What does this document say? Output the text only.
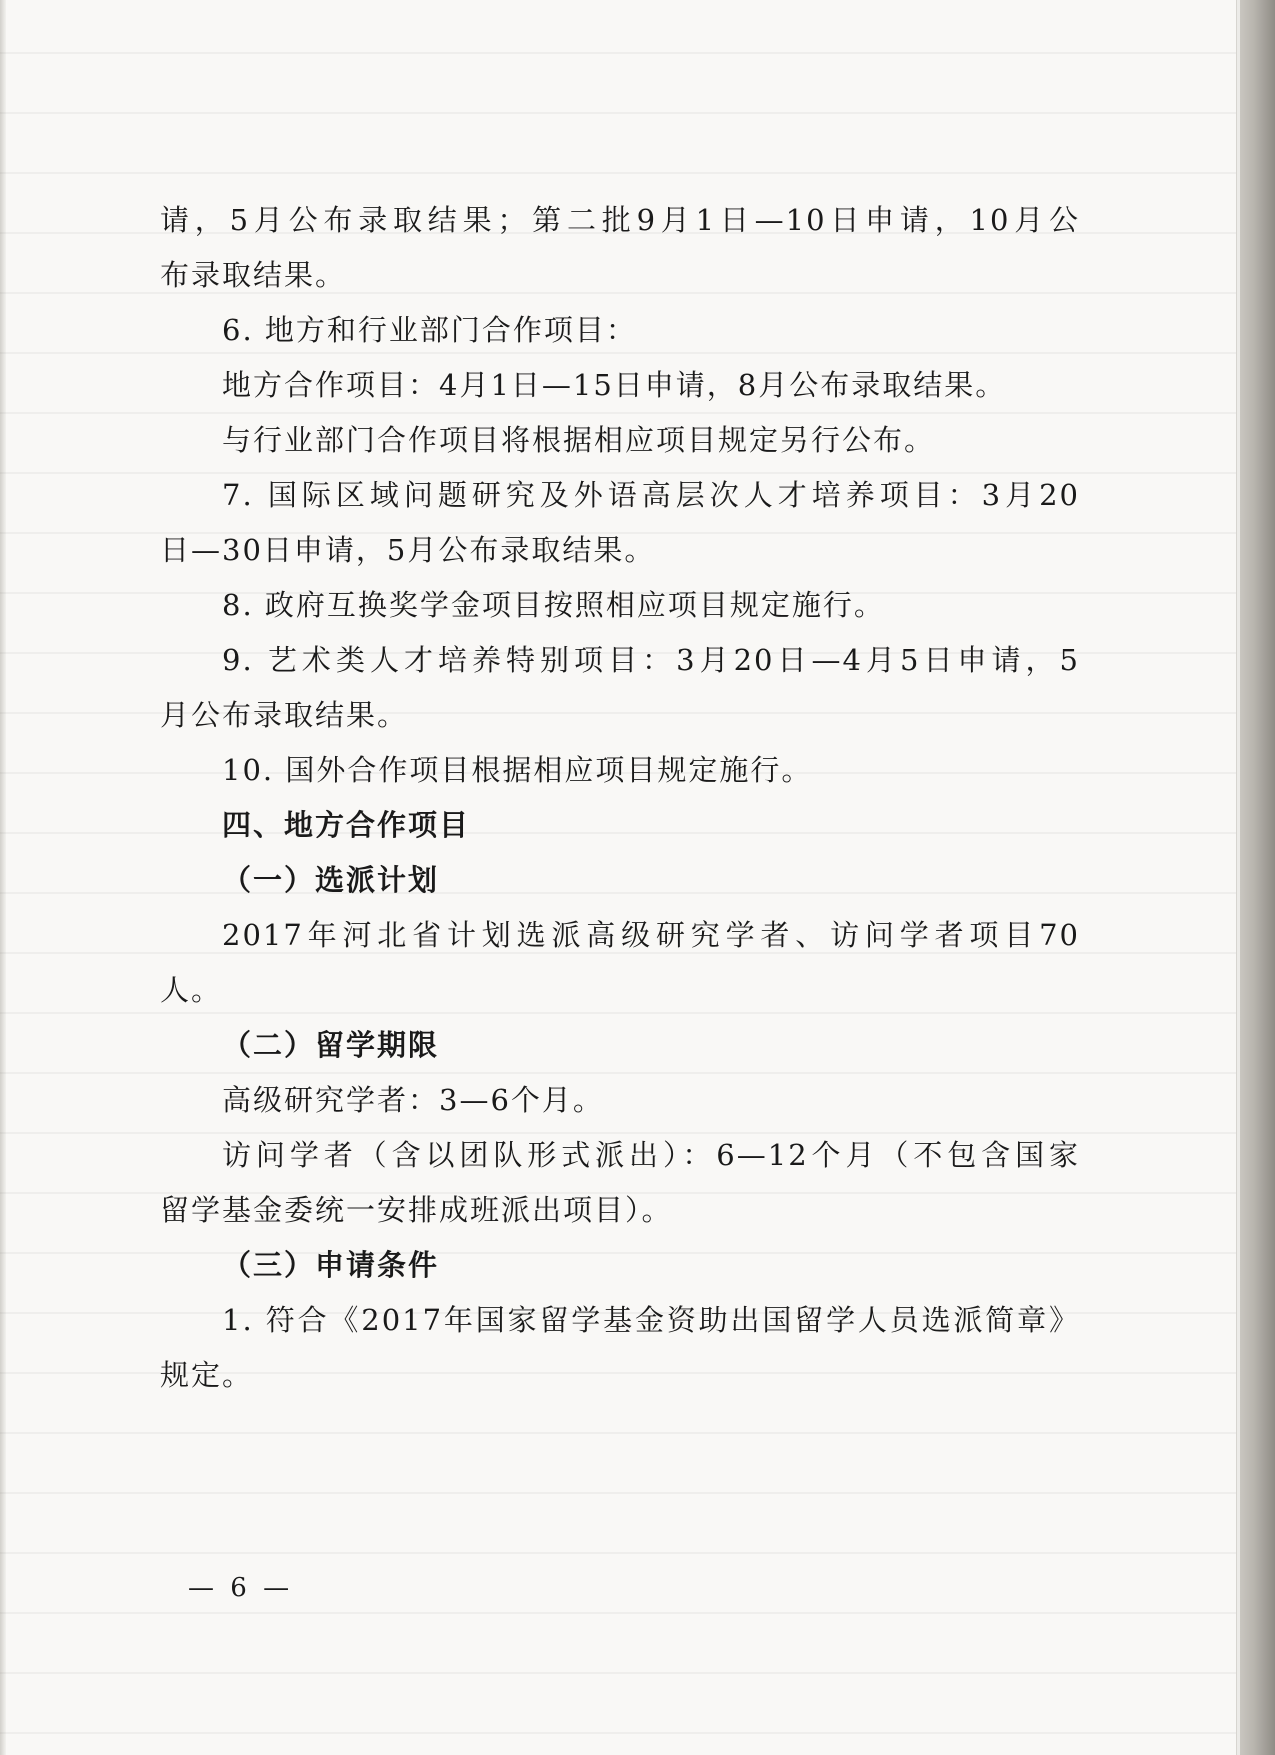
请，5月公布录取结果；第二批9月1日—10日申请，10月公
布录取结果。
6. 地方和行业部门合作项目：
地方合作项目：4月1日—15日申请，8月公布录取结果。
与行业部门合作项目将根据相应项目规定另行公布。
7. 国际区域问题研究及外语高层次人才培养项目：3月20
日—30日申请，5月公布录取结果。
8. 政府互换奖学金项目按照相应项目规定施行。
9. 艺术类人才培养特别项目：3月20日—4月5日申请，5
月公布录取结果。
10. 国外合作项目根据相应项目规定施行。
四、地方合作项目
（一）选派计划
2017年河北省计划选派高级研究学者、访问学者项目70
人。
（二）留学期限
高级研究学者：3—6个月。
访问学者（含以团队形式派出）：6—12个月（不包含国家
留学基金委统一安排成班派出项目）。
（三）申请条件
1. 符合《2017年国家留学基金资助出国留学人员选派简章》
规定。
— 6 —
